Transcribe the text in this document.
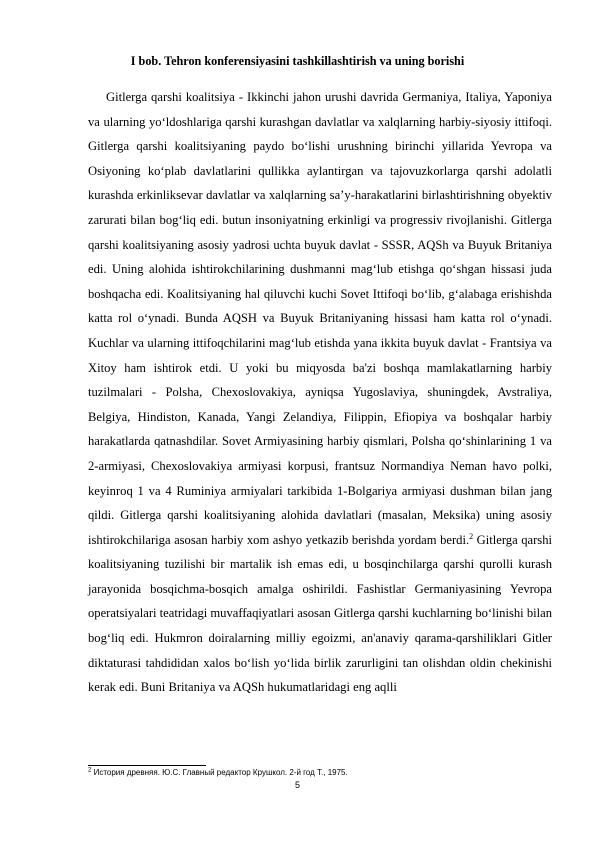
I bob. Tehron konferensiyasini tashkillashtirish va uning borishi

Gitlerga qarshi koalitsiya - Ikkinchi jahon urushi davrida Germaniya, Italiya, Yaponiya va ularning yo‘ldoshlariga qarshi kurashgan davlatlar va xalqlarning harbiy-siyosiy ittifoqi. Gitlerga qarshi koalitsiyaning paydo bo‘lishi urushning birinchi yillarida Yevropa va Osiyoning ko‘plab davlatlarini qullikka aylantirgan va tajovuzkorlarga qarshi adolatli kurashda erkinliksevar davlatlar va xalqlarning sa’y-harakatlarini birlashtirishning obyektiv zarurati bilan bog‘liq edi. butun insoniyatning erkinligi va progressiv rivojlanishi. Gitlerga qarshi koalitsiyaning asosiy yadrosi uchta buyuk davlat - SSSR, AQSh va Buyuk Britaniya edi. Uning alohida ishtirokchilarining dushmanni mag‘lub etishga qo‘shgan hissasi juda boshqacha edi. Koalitsiyaning hal qiluvchi kuchi Sovet Ittifoqi bo‘lib, g‘alabaga erishishda katta rol o‘ynadi. Bunda AQSH va Buyuk Britaniyaning hissasi ham katta rol o‘ynadi. Kuchlar va ularning ittifoqchilarini mag‘lub etishda yana ikkita buyuk davlat - Frantsiya va Xitoy ham ishtirok etdi. U yoki bu miqyosda ba'zi boshqa mamlakatlarning harbiy tuzilmalari - Polsha, Chexoslovakiya, ayniqsa Yugoslaviya, shuningdek, Avstraliya, Belgiya, Hindiston, Kanada, Yangi Zelandiya, Filippin, Efiopiya va boshqalar harbiy harakatlarda qatnashdilar. Sovet Armiyasining harbiy qismlari, Polsha qo‘shinlarining 1 va 2-armiyasi, Chexoslovakiya armiyasi korpusi, frantsuz Normandiya Neman havo polki, keyinroq 1 va 4 Ruminiya armiyalari tarkibida 1-Bolgariya armiyasi dushman bilan jang qildi. Gitlerga qarshi koalitsiyaning alohida davlatlari (masalan, Meksika) uning asosiy ishtirokchilariga asosan harbiy xom ashyo yetkazib berishda yordam berdi.$^2$ Gitlerga qarshi koalitsiyaning tuzilishi bir martalik ish emas edi, u bosqinchilarga qarshi qurolli kurash jarayonida bosqichma-bosqich amalga oshirildi. Fashistlar Germaniyasining Yevropa operatsiyalari teatridagi muvaffaqiyatlari asosan Gitlerga qarshi kuchlarning bo‘linishi bilan bog‘liq edi. Hukmron doiralarning milliy egoizmi, an'anaviy qarama-qarshiliklari Gitler diktaturasi tahdididan xalos bo‘lish yo‘lida birlik zarurligini tan olishdan oldin chekinishi kerak edi. Buni Britaniya va AQSh hukumatlaridagi eng aqlli

$^2$ История древняя. Ю.С. Главный редактор Крушкол. 2-й год Т., 1975.

5
